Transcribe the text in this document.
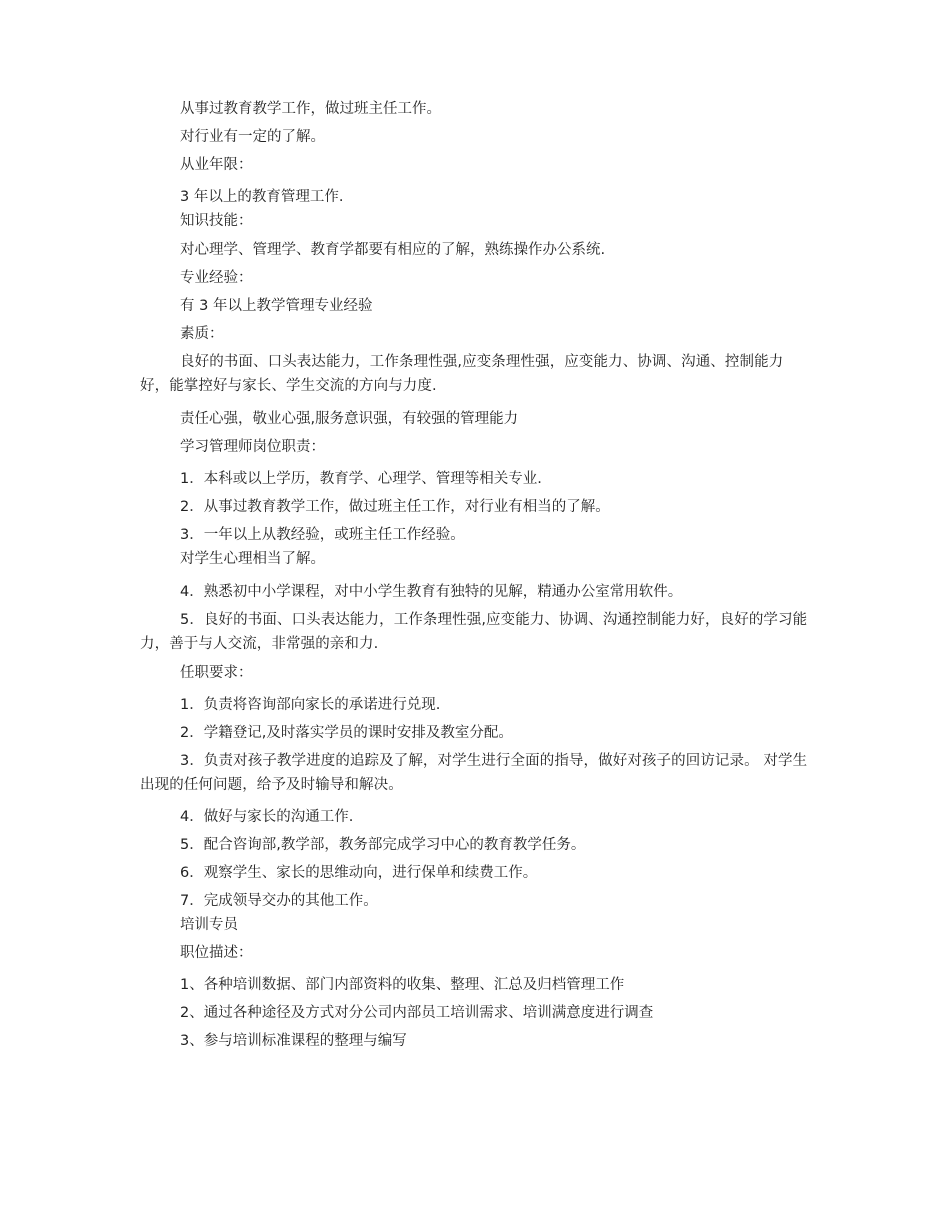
从事过教育教学工作，做过班主任工作。
对行业有一定的了解。
从业年限：
3 年以上的教育管理工作.
知识技能：
对心理学、管理学、教育学都要有相应的了解，熟练操作办公系统.
专业经验：
有 3 年以上教学管理专业经验
素质：
良好的书面、口头表达能力，工作条理性强,应变条理性强，应变能力、协调、沟通、控制能力好，能掌控好与家长、学生交流的方向与力度.
责任心强，敬业心强,服务意识强，有较强的管理能力
学习管理师岗位职责：
1．本科或以上学历，教育学、心理学、管理等相关专业.
2．从事过教育教学工作，做过班主任工作，对行业有相当的了解。
3．一年以上从教经验，或班主任工作经验。
对学生心理相当了解。
4．熟悉初中小学课程，对中小学生教育有独特的见解，精通办公室常用软件。
5．良好的书面、口头表达能力，工作条理性强,应变能力、协调、沟通控制能力好，良好的学习能力，善于与人交流，非常强的亲和力.
任职要求：
1．负责将咨询部向家长的承诺进行兑现.
2．学籍登记,及时落实学员的课时安排及教室分配。
3．负责对孩子教学进度的追踪及了解，对学生进行全面的指导，做好对孩子的回访记录。 对学生出现的任何问题，给予及时输导和解决。
4．做好与家长的沟通工作.
5．配合咨询部,教学部，教务部完成学习中心的教育教学任务。
6．观察学生、家长的思维动向，进行保单和续费工作。
7．完成领导交办的其他工作。
培训专员
职位描述：
1、各种培训数据、部门内部资料的收集、整理、汇总及归档管理工作
2、通过各种途径及方式对分公司内部员工培训需求、培训满意度进行调查
3、参与培训标准课程的整理与编写
